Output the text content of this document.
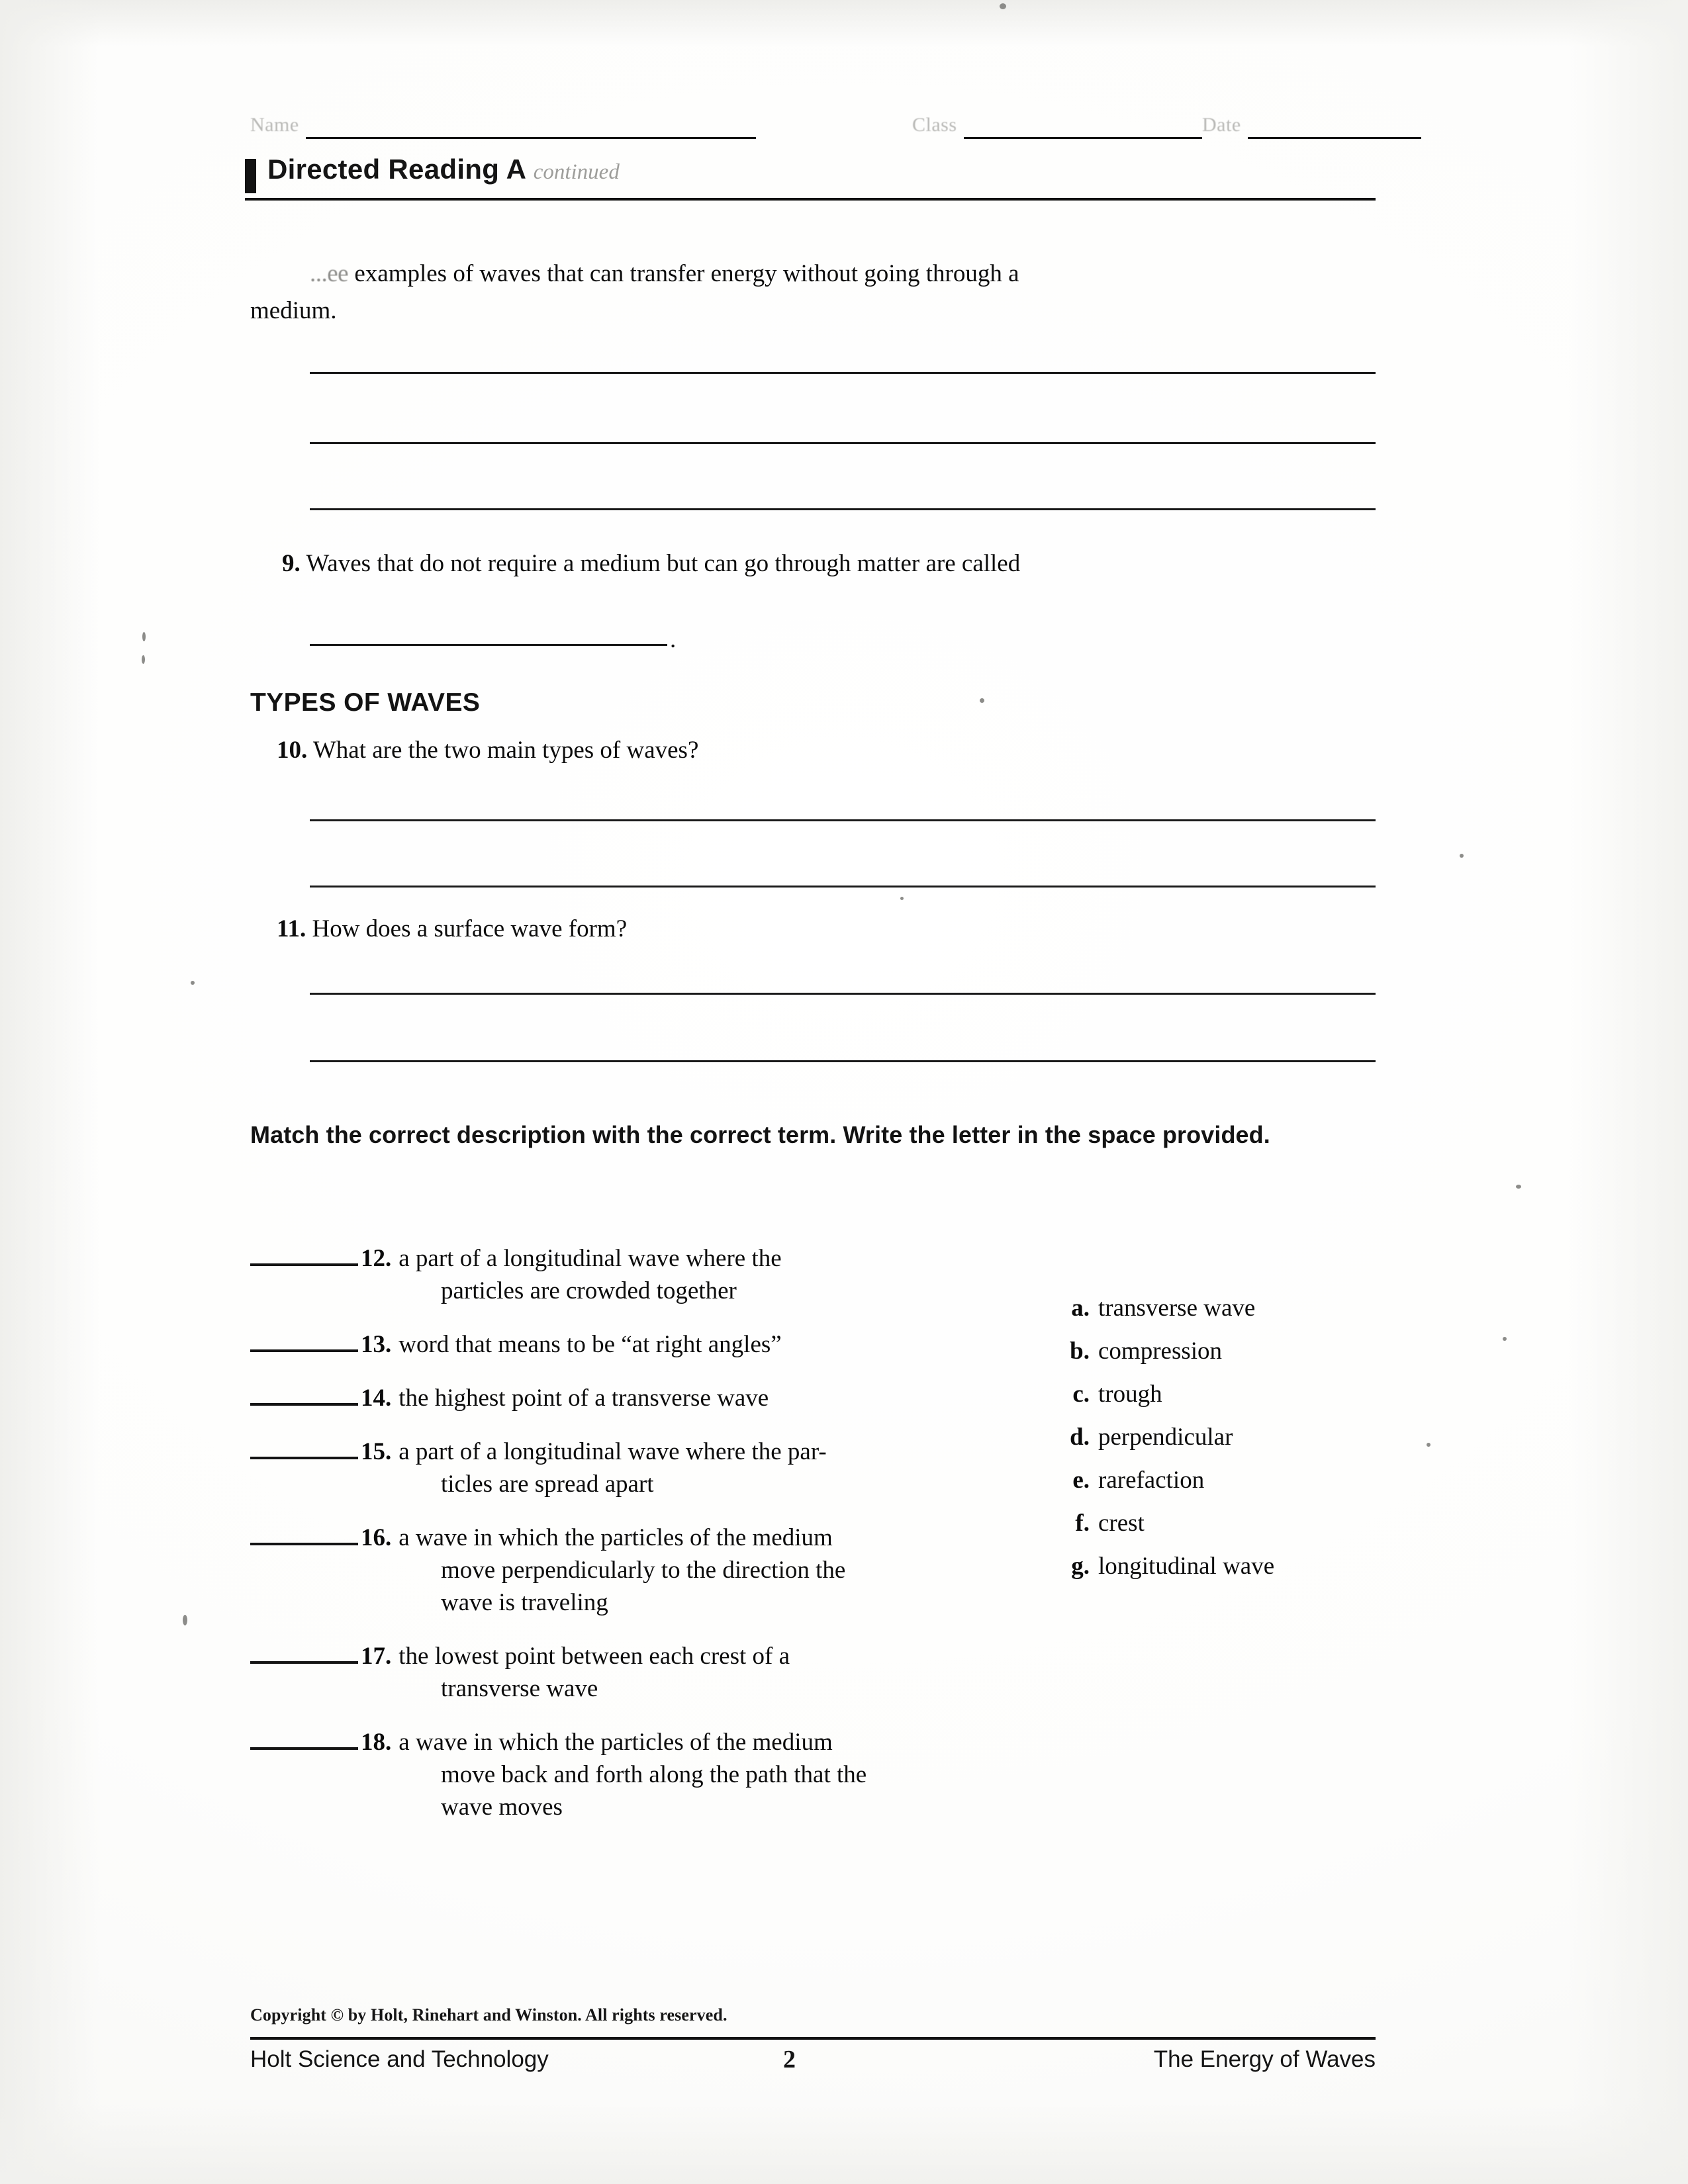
Name	Class	Date
Directed Reading A continued
...ee examples of waves that can transfer energy without going through a
medium.
9. Waves that do not require a medium but can go through matter are called
.
TYPES OF WAVES
10. What are the two main types of waves?
11. How does a surface wave form?
Match the correct description with the correct term. Write the letter in the space provided.
12. a part of a longitudinal wave where the
particles are crowded together
13. word that means to be “at right angles”
14. the highest point of a transverse wave
15. a part of a longitudinal wave where the par-
ticles are spread apart
16. a wave in which the particles of the medium
move perpendicularly to the direction the
wave is traveling
17. the lowest point between each crest of a
transverse wave
18. a wave in which the particles of the medium
move back and forth along the path that the
wave moves
a. transverse wave
b. compression
c. trough
d. perpendicular
e. rarefaction
f. crest
g. longitudinal wave
Copyright © by Holt, Rinehart and Winston. All rights reserved.
Holt Science and Technology	2	The Energy of Waves
